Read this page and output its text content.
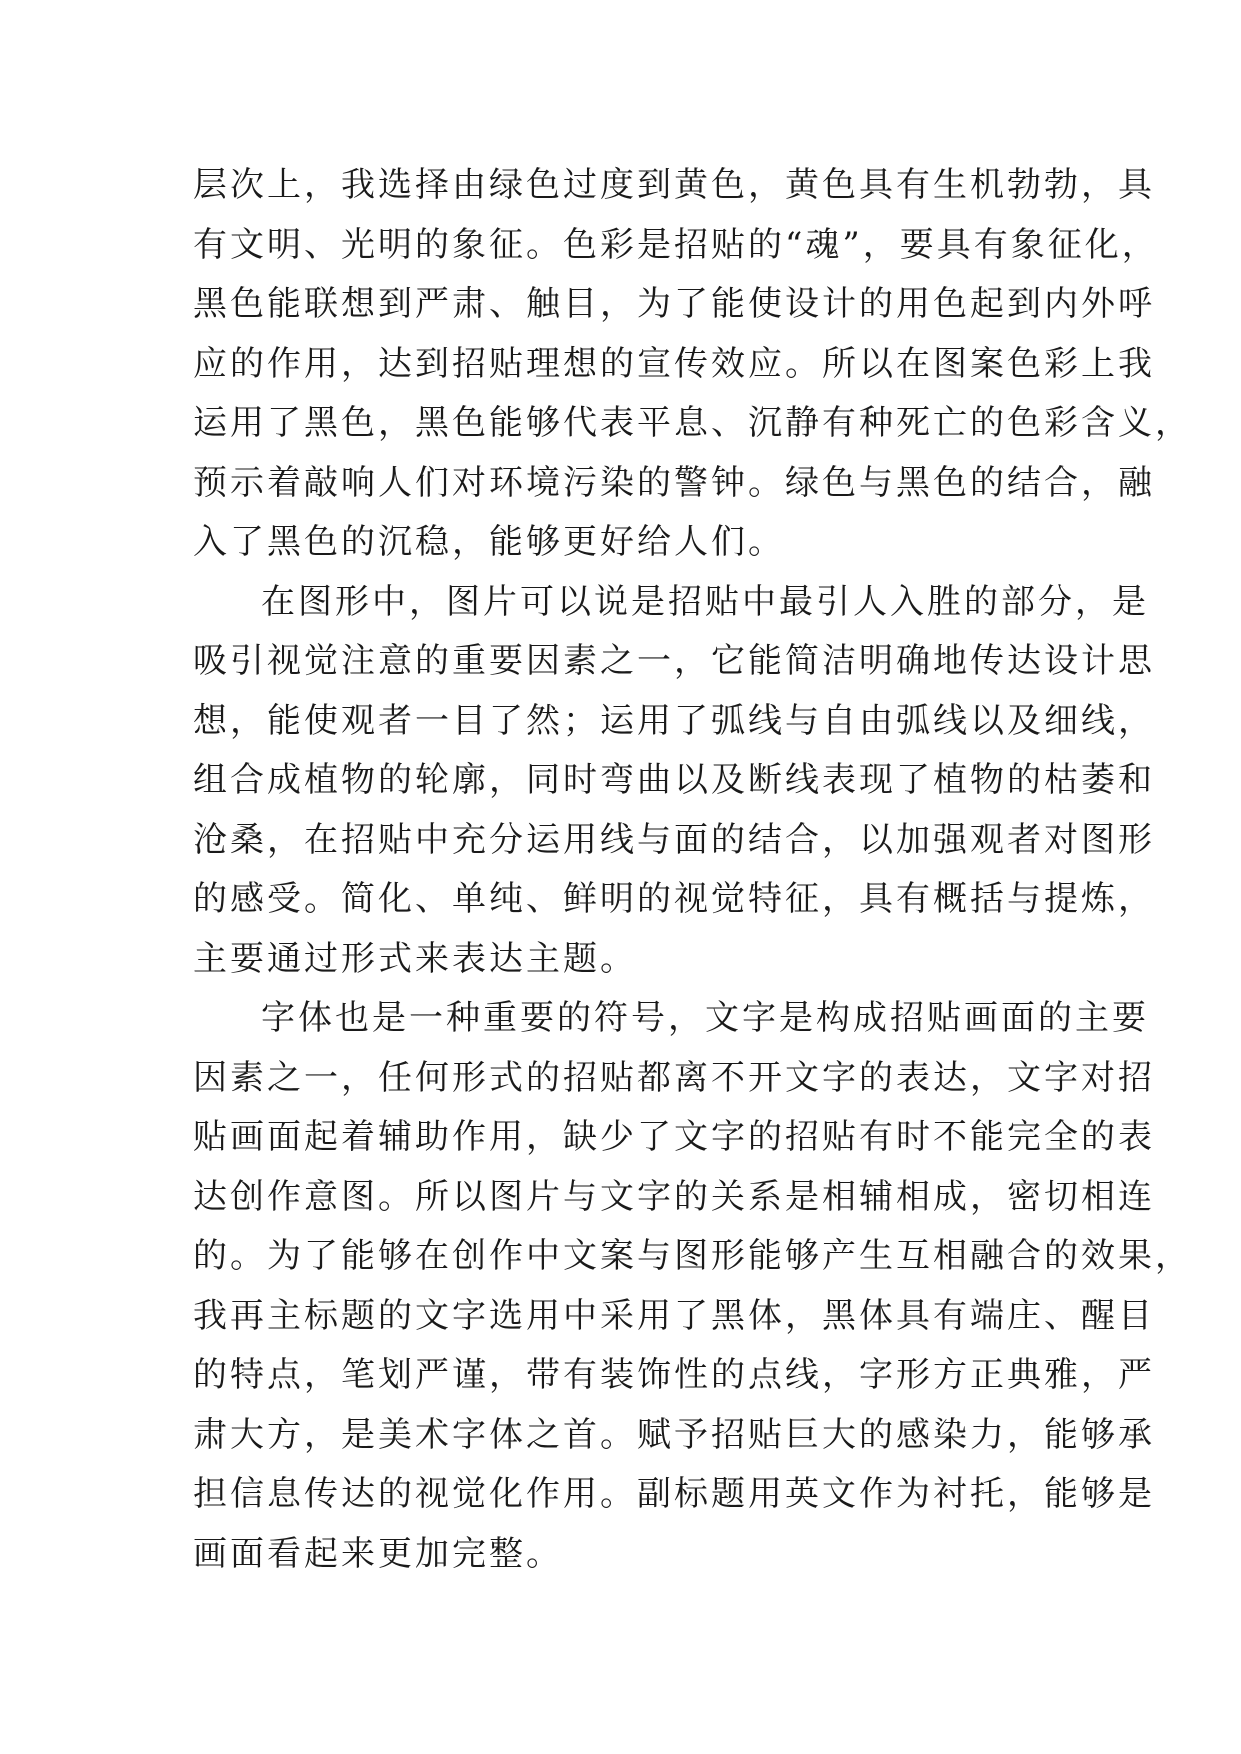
层次上，我选择由绿色过度到黄色，黄色具有生机勃勃，具
有文明、光明的象征。色彩是招贴的“魂”，要具有象征化，
黑色能联想到严肃、触目，为了能使设计的用色起到内外呼
应的作用，达到招贴理想的宣传效应。所以在图案色彩上我
运用了黑色，黑色能够代表平息、沉静有种死亡的色彩含义，
预示着敲响人们对环境污染的警钟。绿色与黑色的结合，融
入了黑色的沉稳，能够更好给人们。
在图形中，图片可以说是招贴中最引人入胜的部分，是
吸引视觉注意的重要因素之一，它能简洁明确地传达设计思
想，能使观者一目了然；运用了弧线与自由弧线以及细线，
组合成植物的轮廓，同时弯曲以及断线表现了植物的枯萎和
沧桑，在招贴中充分运用线与面的结合，以加强观者对图形
的感受。简化、单纯、鲜明的视觉特征，具有概括与提炼，
主要通过形式来表达主题。
字体也是一种重要的符号，文字是构成招贴画面的主要
因素之一，任何形式的招贴都离不开文字的表达，文字对招
贴画面起着辅助作用，缺少了文字的招贴有时不能完全的表
达创作意图。所以图片与文字的关系是相辅相成，密切相连
的。为了能够在创作中文案与图形能够产生互相融合的效果，
我再主标题的文字选用中采用了黑体，黑体具有端庄、醒目
的特点，笔划严谨，带有装饰性的点线，字形方正典雅，严
肃大方，是美术字体之首。赋予招贴巨大的感染力，能够承
担信息传达的视觉化作用。副标题用英文作为衬托，能够是
画面看起来更加完整。
